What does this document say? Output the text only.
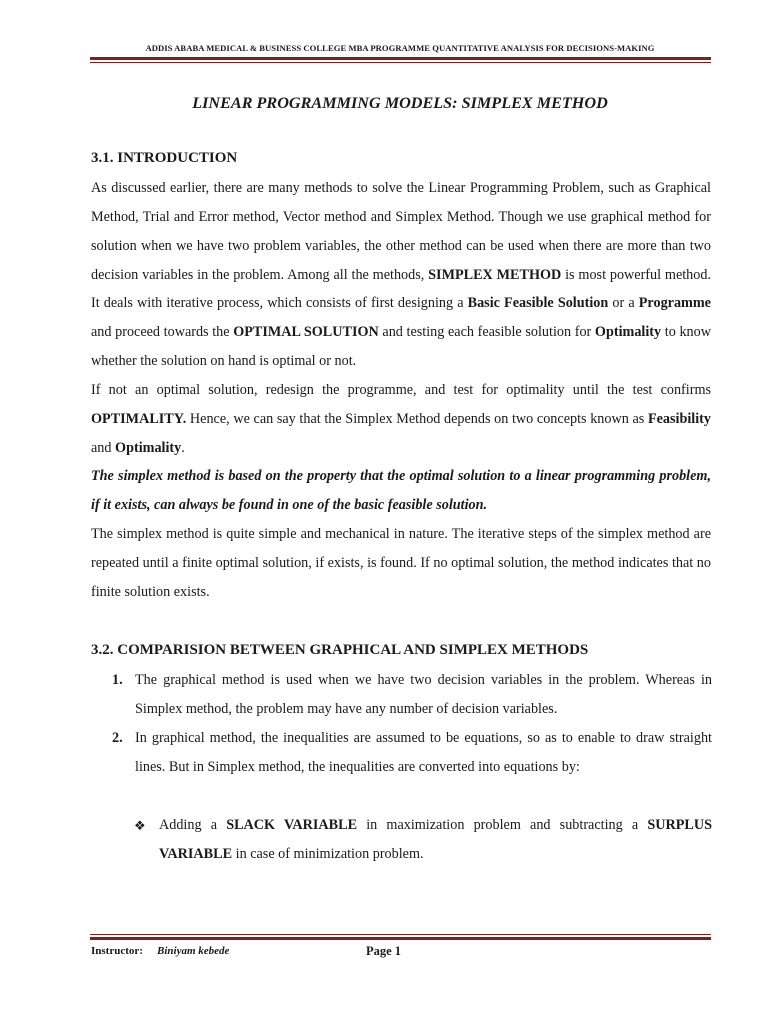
ADDIS ABABA MEDICAL & BUSINESS COLLEGE MBA PROGRAMME QUANTITATIVE ANALYSIS FOR DECISIONS-MAKING
LINEAR PROGRAMMING MODELS: SIMPLEX METHOD
3.1. INTRODUCTION

As discussed earlier, there are many methods to solve the Linear Programming Problem, such as Graphical Method, Trial and Error method, Vector method and Simplex Method. Though we use graphical method for solution when we have two problem variables, the other method can be used when there are more than two decision variables in the problem. Among all the methods, SIMPLEX METHOD is most powerful method. It deals with iterative process, which consists of first designing a Basic Feasible Solution or a Programme and proceed towards the OPTIMAL SOLUTION and testing each feasible solution for Optimality to know whether the solution on hand is optimal or not.

If not an optimal solution, redesign the programme, and test for optimality until the test confirms OPTIMALITY. Hence, we can say that the Simplex Method depends on two concepts known as Feasibility and Optimality.

The simplex method is based on the property that the optimal solution to a linear programming problem, if it exists, can always be found in one of the basic feasible solution.

The simplex method is quite simple and mechanical in nature. The iterative steps of the simplex method are repeated until a finite optimal solution, if exists, is found. If no optimal solution, the method indicates that no finite solution exists.

3.2. COMPARISION BETWEEN GRAPHICAL AND SIMPLEX METHODS

1. The graphical method is used when we have two decision variables in the problem. Whereas in Simplex method, the problem may have any number of decision variables.

2. In graphical method, the inequalities are assumed to be equations, so as to enable to draw straight lines. But in Simplex method, the inequalities are converted into equations by:

❖ Adding a SLACK VARIABLE in maximization problem and subtracting a SURPLUS VARIABLE in case of minimization problem.

Instructor: Biniyam kebede	Page 1
